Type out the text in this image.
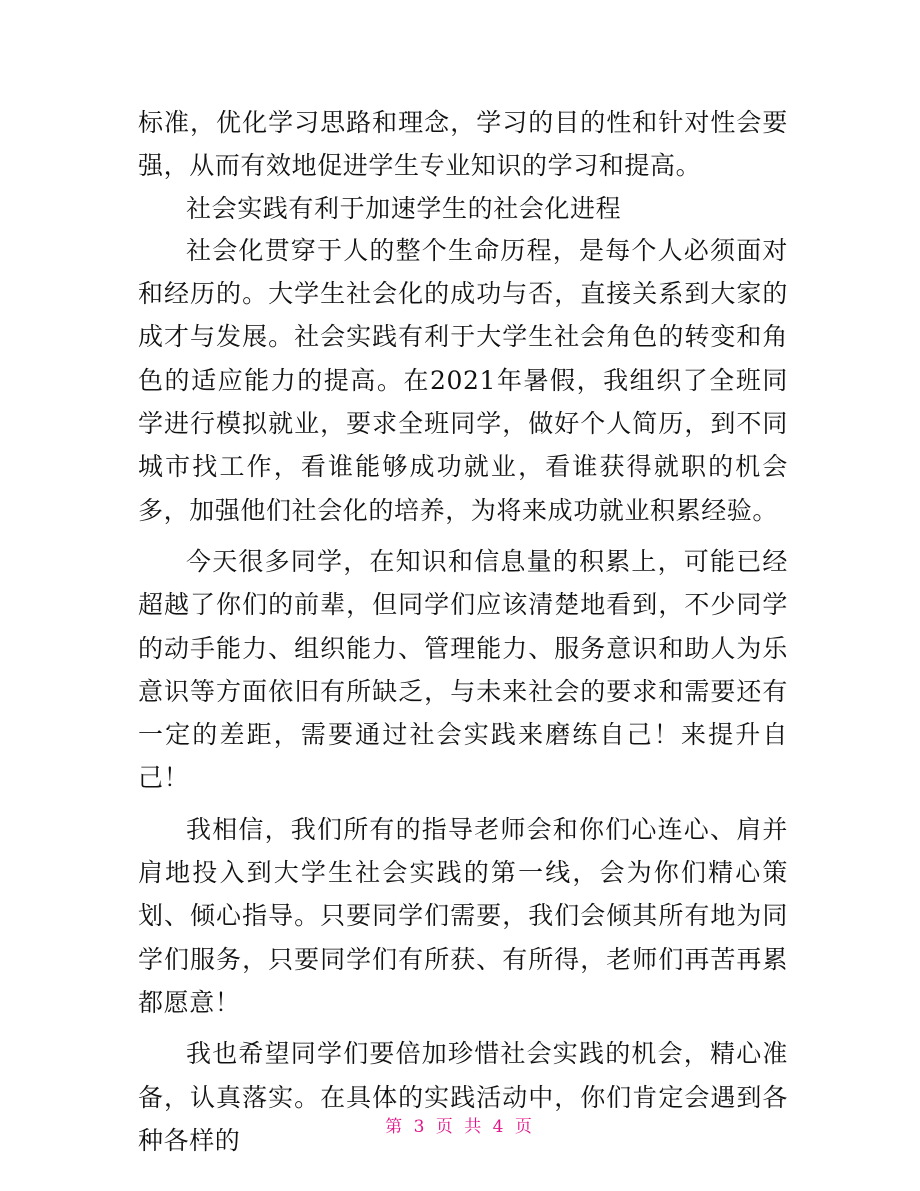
标准，优化学习思路和理念，学习的目的性和针对性会要强，从而有效地促进学生专业知识的学习和提高。

社会实践有利于加速学生的社会化进程

社会化贯穿于人的整个生命历程，是每个人必须面对和经历的。大学生社会化的成功与否，直接关系到大家的成才与发展。社会实践有利于大学生社会角色的转变和角色的适应能力的提高。在2021年暑假，我组织了全班同学进行模拟就业，要求全班同学，做好个人简历，到不同城市找工作，看谁能够成功就业，看谁获得就职的机会多，加强他们社会化的培养，为将来成功就业积累经验。

今天很多同学，在知识和信息量的积累上，可能已经超越了你们的前辈，但同学们应该清楚地看到，不少同学的动手能力、组织能力、管理能力、服务意识和助人为乐意识等方面依旧有所缺乏，与未来社会的要求和需要还有一定的差距，需要通过社会实践来磨练自己！来提升自己！

我相信，我们所有的指导老师会和你们心连心、肩并肩地投入到大学生社会实践的第一线，会为你们精心策划、倾心指导。只要同学们需要，我们会倾其所有地为同学们服务，只要同学们有所获、有所得，老师们再苦再累都愿意！

我也希望同学们要倍加珍惜社会实践的机会，精心准备，认真落实。在具体的实践活动中，你们肯定会遇到各种各样的	第 3 页 共 4 页
